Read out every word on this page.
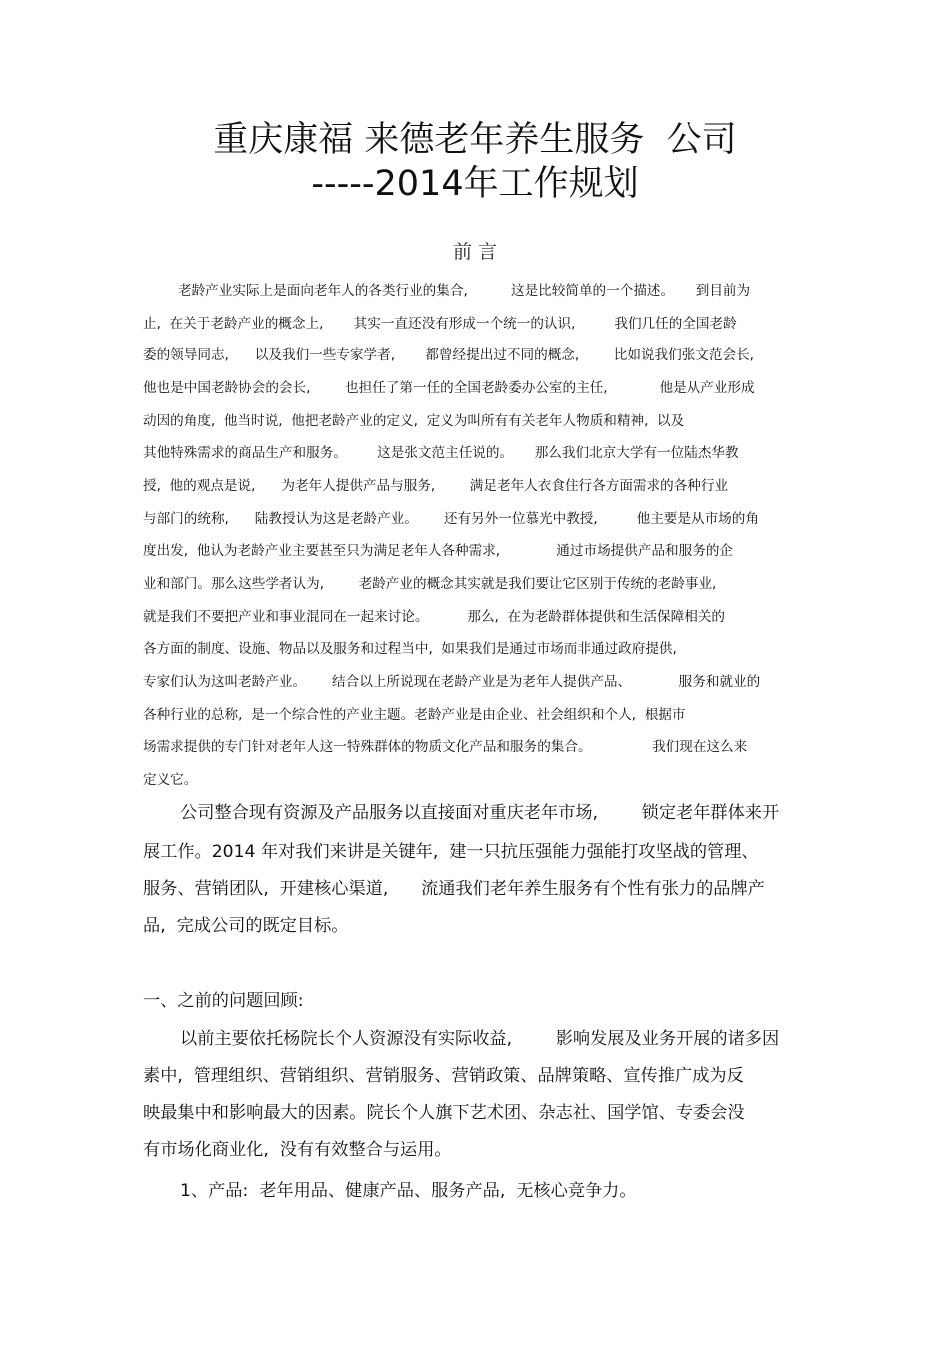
重庆康福 来德老年养生服务  公司
-----2014年工作规划
前 言
老龄产业实际上是面向老年人的各类行业的集合,          这是比较简单的一个描述。     到目前为
止,  在关于老龄产业的概念上,       其实一直还没有形成一个统一的认识,         我们几任的全国老龄
委的领导同志,      以及我们一些专家学者,       都曾经提出过不同的概念,        比如说我们张文范会长,
他也是中国老龄协会的会长,        也担任了第一任的全国老龄委办公室的主任,            他是从产业形成
动因的角度,  他当时说,  他把老龄产业的定义,  定义为叫所有有关老年人物质和精神,  以及
其他特殊需求的商品生产和服务。       这是张文范主任说的。     那么我们北京大学有一位陆杰华教
授,  他的观点是说,      为老年人提供产品与服务,        满足老年人衣食住行各方面需求的各种行业
与部门的统称,      陆教授认为这是老龄产业。      还有另外一位慕光中教授,         他主要是从市场的角
度出发,  他认为老龄产业主要甚至只为满足老年人各种需求,             通过市场提供产品和服务的企
业和部门。那么这些学者认为,        老龄产业的概念其实就是我们要让它区别于传统的老龄事业,
就是我们不要把产业和事业混同在一起来讨论。         那么,  在为老龄群体提供和生活保障相关的
各方面的制度、设施、物品以及服务和过程当中,  如果我们是通过市场而非通过政府提供,
专家们认为这叫老龄产业。      结合以上所说现在老龄产业是为老年人提供产品、           服务和就业的
各种行业的总称,  是一个综合性的产业主题。老龄产业是由企业、社会组织和个人,  根据市
场需求提供的专门针对老年人这一特殊群体的物质文化产品和服务的集合。              我们现在这么来
定义它。
公司整合现有资源及产品服务以直接面对重庆老年市场,        锁定老年群体来开
展工作。2014 年对我们来讲是关键年,  建一只抗压强能力强能打攻坚战的管理、
服务、营销团队,  开建核心渠道,      流通我们老年养生服务有个性有张力的品牌产
品,  完成公司的既定目标。
一、之前的问题回顾:
以前主要依托杨院长个人资源没有实际收益,        影响发展及业务开展的诸多因
素中,  管理组织、营销组织、营销服务、营销政策、品牌策略、宣传推广成为反
映最集中和影响最大的因素。院长个人旗下艺术团、杂志社、国学馆、专委会没
有市场化商业化,  没有有效整合与运用。
1、产品:  老年用品、健康产品、服务产品,  无核心竞争力。
